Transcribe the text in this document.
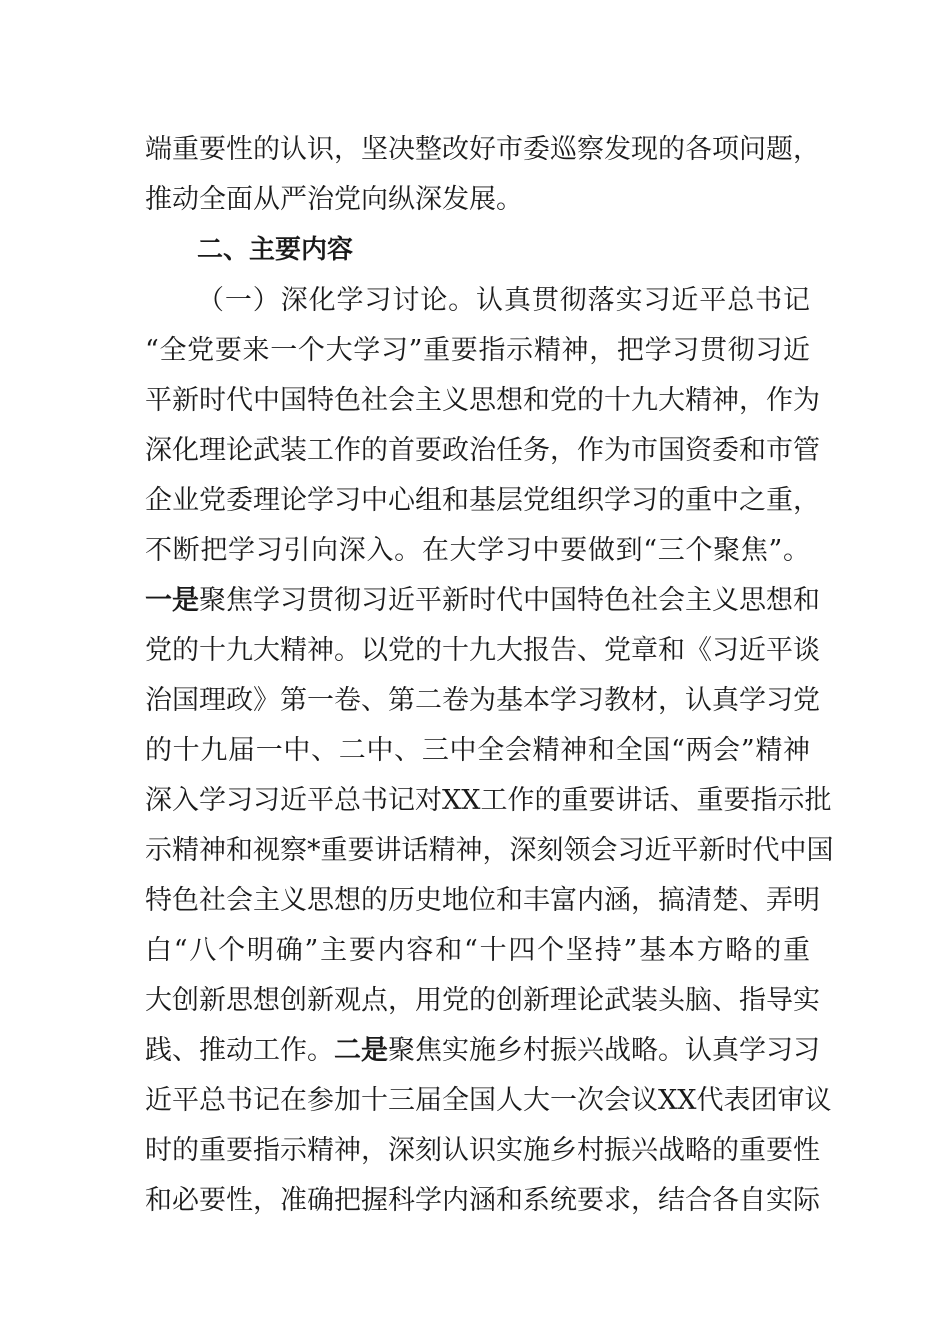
端重要性的认识，坚决整改好市委巡察发现的各项问题，
推动全面从严治党向纵深发展。
二、主要内容
（一）深化学习讨论。认真贯彻落实习近平总书记
“全党要来一个大学习”重要指示精神，把学习贯彻习近
平新时代中国特色社会主义思想和党的十九大精神，作为
深化理论武装工作的首要政治任务，作为市国资委和市管
企业党委理论学习中心组和基层党组织学习的重中之重，
不断把学习引向深入。在大学习中要做到“三个聚焦”。
一是聚焦学习贯彻习近平新时代中国特色社会主义思想和
党的十九大精神。以党的十九大报告、党章和《习近平谈
治国理政》第一卷、第二卷为基本学习教材，认真学习党
的十九届一中、二中、三中全会精神和全国“两会”精神
深入学习习近平总书记对XX工作的重要讲话、重要指示批
示精神和视察*重要讲话精神，深刻领会习近平新时代中国
特色社会主义思想的历史地位和丰富内涵，搞清楚、弄明
白“八个明确”主要内容和“十四个坚持”基本方略的重
大创新思想创新观点，用党的创新理论武装头脑、指导实
践、推动工作。二是聚焦实施乡村振兴战略。认真学习习
近平总书记在参加十三届全国人大一次会议XX代表团审议
时的重要指示精神，深刻认识实施乡村振兴战略的重要性
和必要性，准确把握科学内涵和系统要求，结合各自实际
